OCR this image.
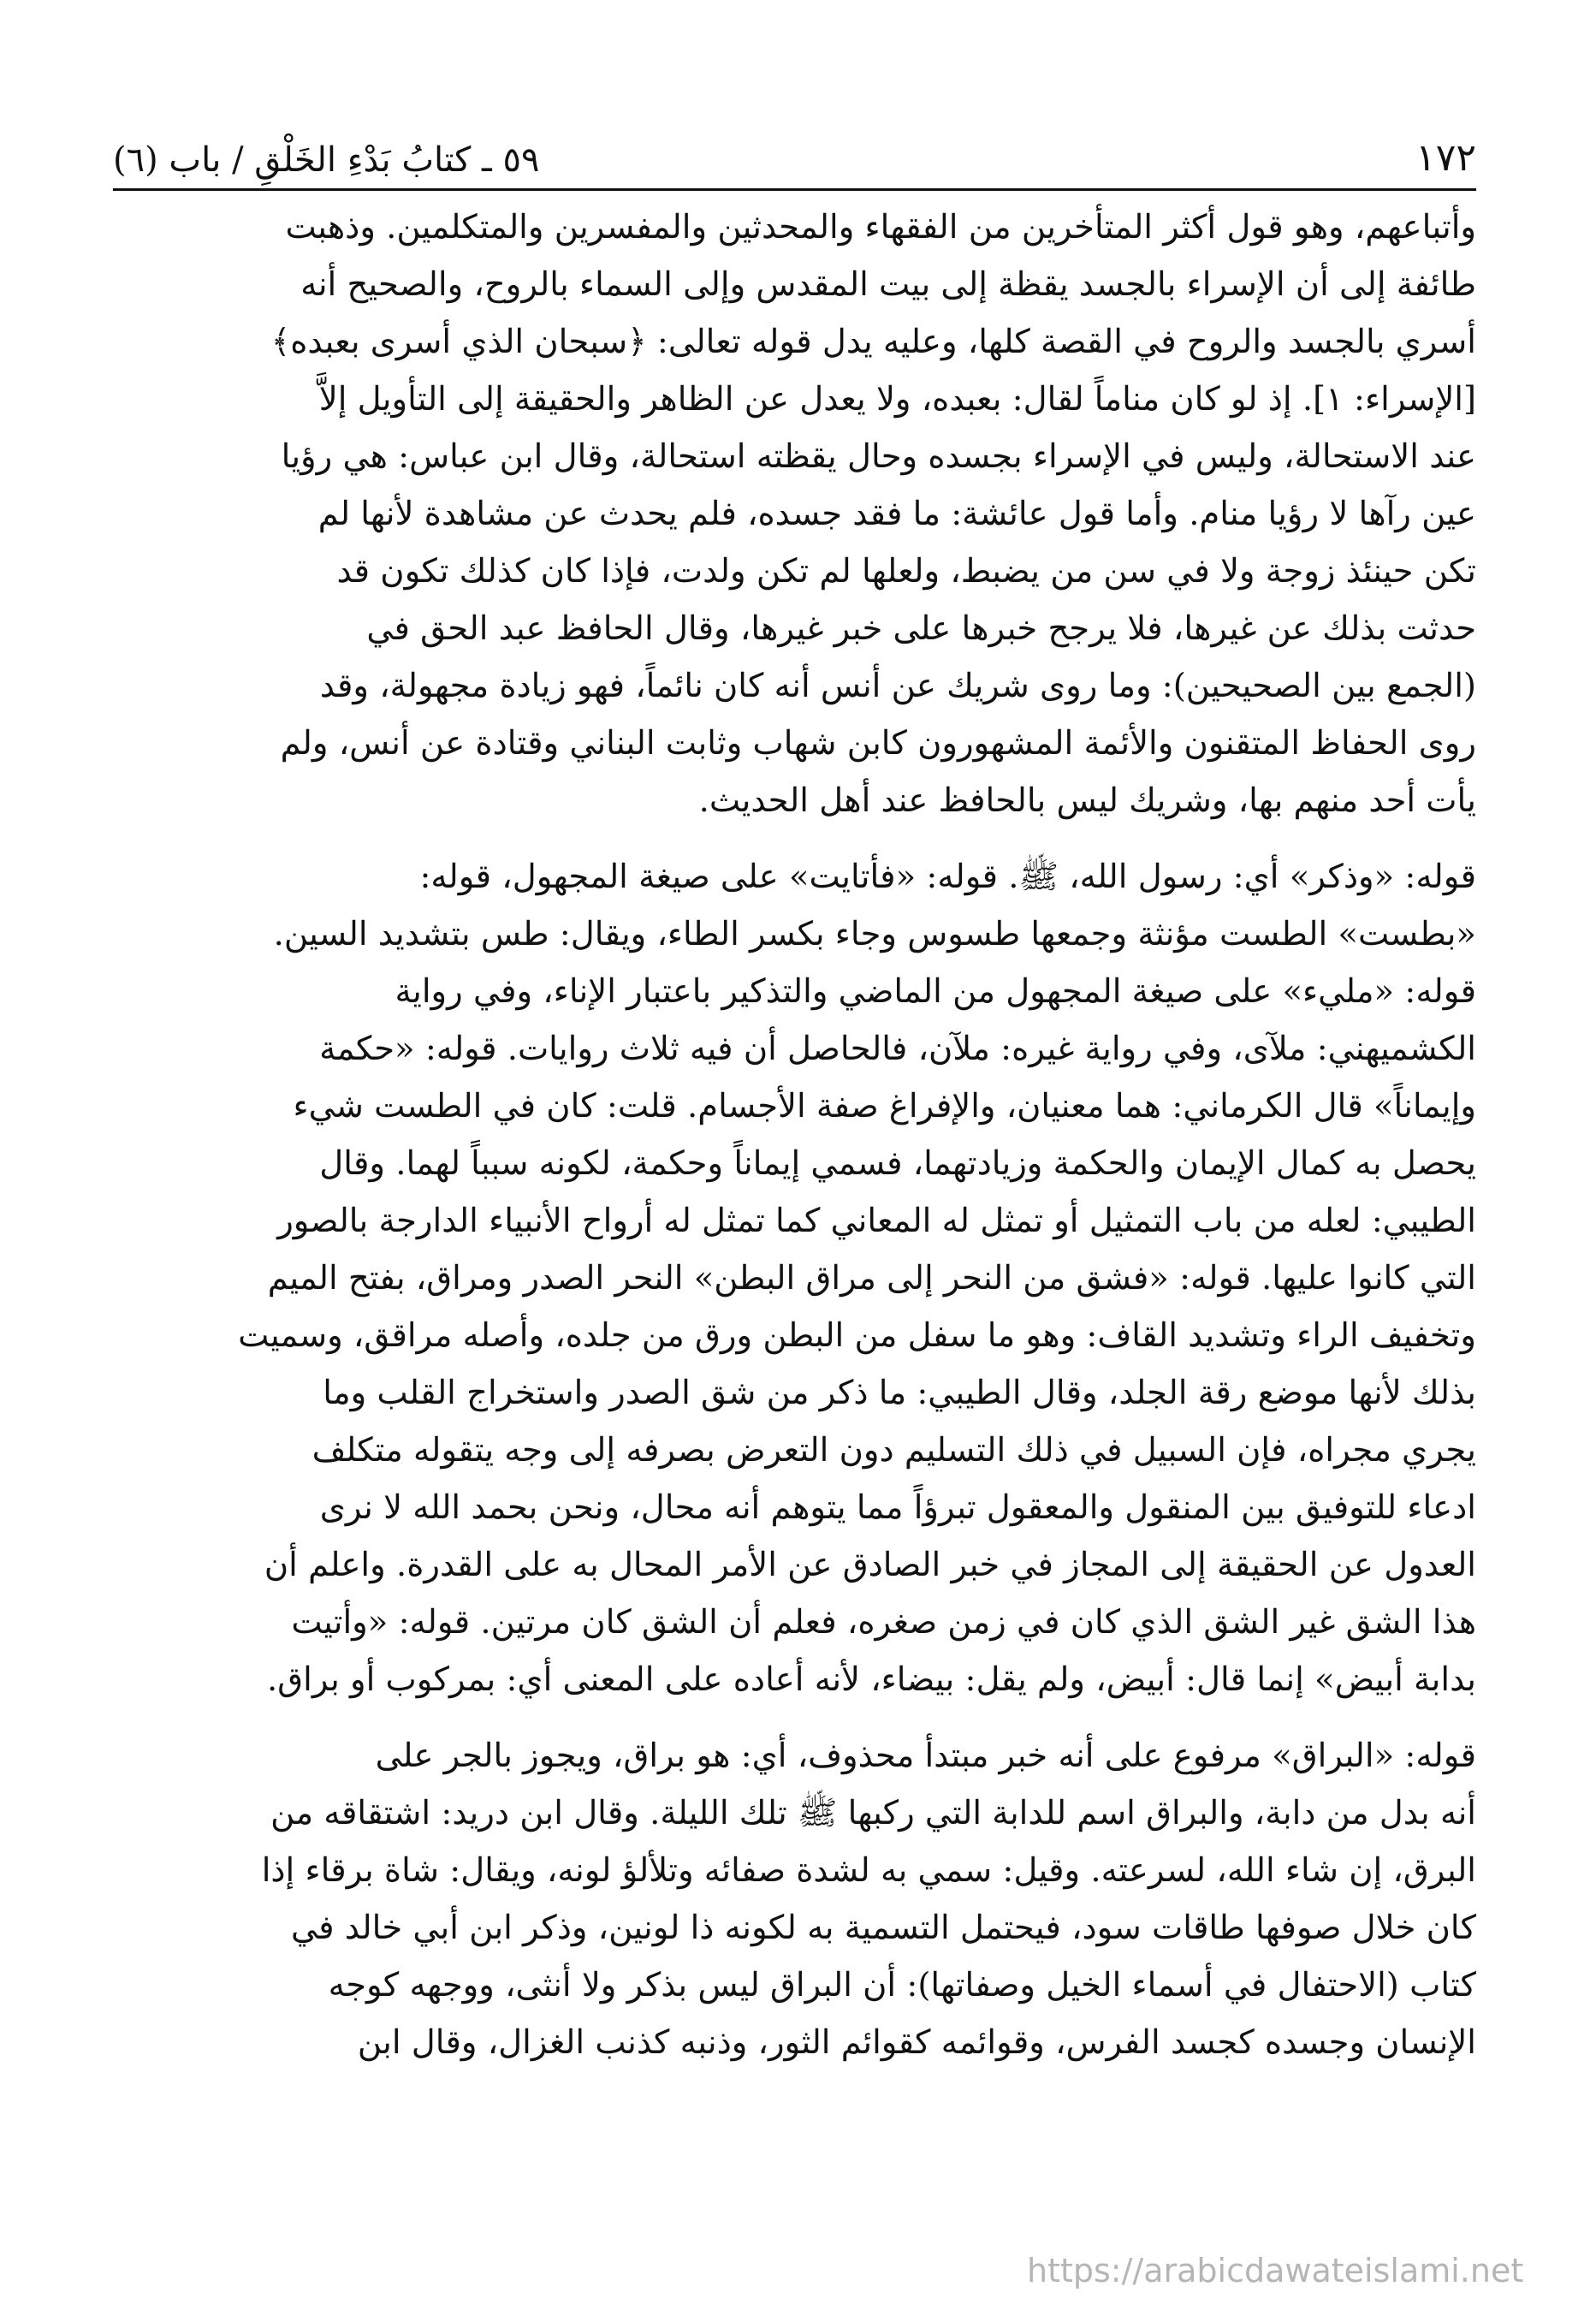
١٧٢
٥٩ ـ كتابُ بَدْءِ الخَلْقِ / باب (٦)
وأتباعهم، وهو قول أكثر المتأخرين من الفقهاء والمحدثين والمفسرين والمتكلمين. وذهبت
طائفة إلى أن الإسراء بالجسد يقظة إلى بيت المقدس وإلى السماء بالروح، والصحيح أنه
أسري بالجسد والروح في القصة كلها، وعليه يدل قوله تعالى: ﴿سبحان الذي أسرى بعبده﴾
[الإسراء: ١]. إذ لو كان مناماً لقال: بعبده، ولا يعدل عن الظاهر والحقيقة إلى التأويل إلاَّ
عند الاستحالة، وليس في الإسراء بجسده وحال يقظته استحالة، وقال ابن عباس: هي رؤيا
عين رآها لا رؤيا منام. وأما قول عائشة: ما فقد جسده، فلم يحدث عن مشاهدة لأنها لم
تكن حينئذ زوجة ولا في سن من يضبط، ولعلها لم تكن ولدت، فإذا كان كذلك تكون قد
حدثت بذلك عن غيرها، فلا يرجح خبرها على خبر غيرها، وقال الحافظ عبد الحق في
(الجمع بين الصحيحين): وما روى شريك عن أنس أنه كان نائماً، فهو زيادة مجهولة، وقد
روى الحفاظ المتقنون والأئمة المشهورون كابن شهاب وثابت البناني وقتادة عن أنس، ولم
يأت أحد منهم بها، وشريك ليس بالحافظ عند أهل الحديث.
قوله: «وذكر» أي: رسول الله، ﷺ. قوله: «فأتايت» على صيغة المجهول، قوله:
«بطست» الطست مؤنثة وجمعها طسوس وجاء بكسر الطاء، ويقال: طس بتشديد السين.
قوله: «مليء» على صيغة المجهول من الماضي والتذكير باعتبار الإناء، وفي رواية
الكشميهني: ملآى، وفي رواية غيره: ملآن، فالحاصل أن فيه ثلاث روايات. قوله: «حكمة
وإيماناً» قال الكرماني: هما معنيان، والإفراغ صفة الأجسام. قلت: كان في الطست شيء
يحصل به كمال الإيمان والحكمة وزيادتهما، فسمي إيماناً وحكمة، لكونه سبباً لهما. وقال
الطيبي: لعله من باب التمثيل أو تمثل له المعاني كما تمثل له أرواح الأنبياء الدارجة بالصور
التي كانوا عليها. قوله: «فشق من النحر إلى مراق البطن» النحر الصدر ومراق، بفتح الميم
وتخفيف الراء وتشديد القاف: وهو ما سفل من البطن ورق من جلده، وأصله مراقق، وسميت
بذلك لأنها موضع رقة الجلد، وقال الطيبي: ما ذكر من شق الصدر واستخراج القلب وما
يجري مجراه، فإن السبيل في ذلك التسليم دون التعرض بصرفه إلى وجه يتقوله متكلف
ادعاء للتوفيق بين المنقول والمعقول تبرؤاً مما يتوهم أنه محال، ونحن بحمد الله لا نرى
العدول عن الحقيقة إلى المجاز في خبر الصادق عن الأمر المحال به على القدرة. واعلم أن
هذا الشق غير الشق الذي كان في زمن صغره، فعلم أن الشق كان مرتين. قوله: «وأتيت
بدابة أبيض» إنما قال: أبيض، ولم يقل: بيضاء، لأنه أعاده على المعنى أي: بمركوب أو براق.
قوله: «البراق» مرفوع على أنه خبر مبتدأ محذوف، أي: هو براق، ويجوز بالجر على
أنه بدل من دابة، والبراق اسم للدابة التي ركبها ﷺ تلك الليلة. وقال ابن دريد: اشتقاقه من
البرق، إن شاء الله، لسرعته. وقيل: سمي به لشدة صفائه وتلألؤ لونه، ويقال: شاة برقاء إذا
كان خلال صوفها طاقات سود، فيحتمل التسمية به لكونه ذا لونين، وذكر ابن أبي خالد في
كتاب (الاحتفال في أسماء الخيل وصفاتها): أن البراق ليس بذكر ولا أنثى، ووجهه كوجه
الإنسان وجسده كجسد الفرس، وقوائمه كقوائم الثور، وذنبه كذنب الغزال، وقال ابن
https://arabicdawateislami.net
